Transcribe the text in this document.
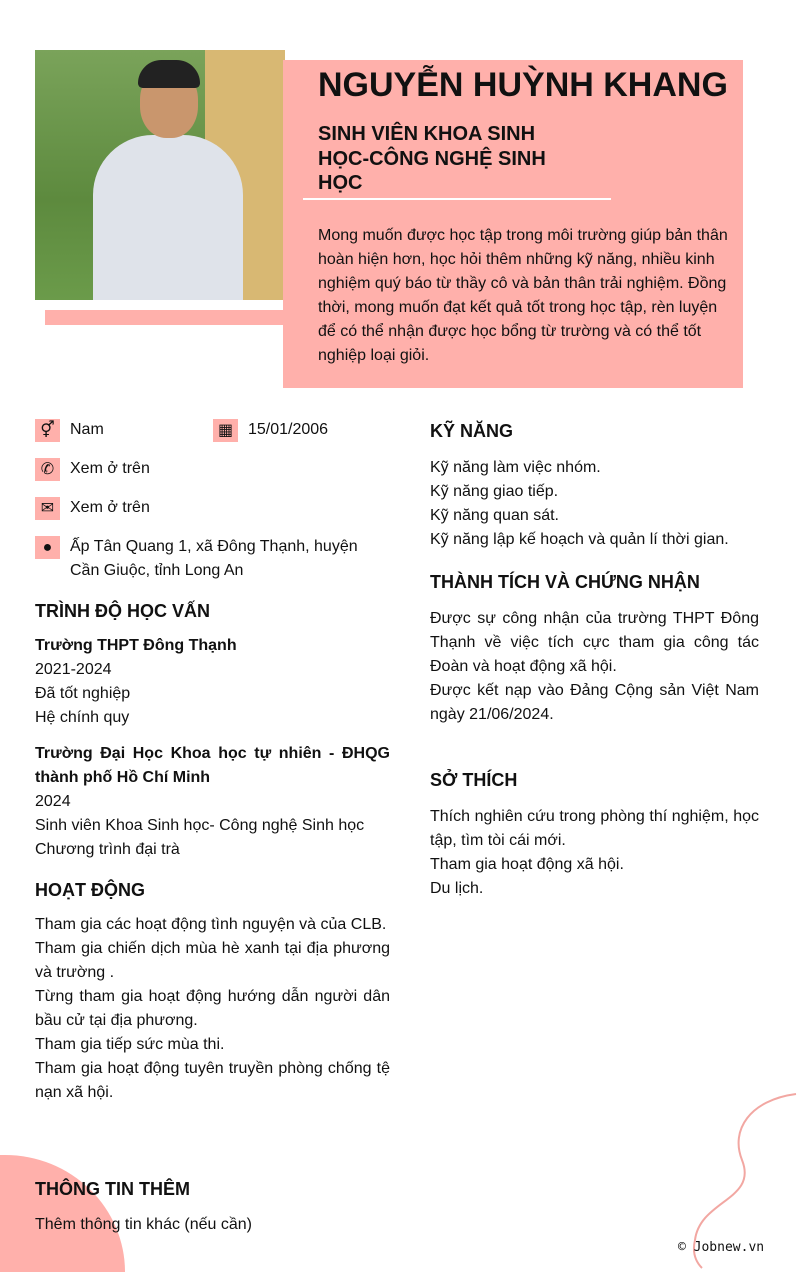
NGUYỄN HUỲNH KHANG
SINH VIÊN KHOA SINH HỌC-CÔNG NGHỆ SINH HỌC
Mong muốn được học tập trong môi trường giúp bản thân hoàn hiện hơn, học hỏi thêm những kỹ năng, nhiều kinh nghiệm quý báo từ thầy cô và bản thân trải nghiệm. Đồng thời, mong muốn đạt kết quả tốt trong học tập, rèn luyện để có thể nhận được học bổng từ trường và có thể tốt nghiệp loại giỏi.
⚥ Nam	▦ 15/01/2006
✆ Xem ở trên
✉ Xem ở trên
●	Ấp Tân Quang 1, xã Đông Thạnh, huyện Cần Giuộc, tỉnh Long An
TRÌNH ĐỘ HỌC VẤN
Trường THPT Đông Thạnh
2021-2024
Đã tốt nghiệp
Hệ chính quy
Trường Đại Học Khoa học tự nhiên - ĐHQG thành phố Hồ Chí Minh
2024
Sinh viên Khoa Sinh học- Công nghệ Sinh học
Chương trình đại trà
HOẠT ĐỘNG
Tham gia các hoạt động tình nguyện và của CLB.
Tham gia chiến dịch mùa hè xanh tại địa phương và trường .
Từng tham gia hoạt động hướng dẫn người dân bầu cử tại địa phương.
Tham gia tiếp sức mùa thi.
Tham gia hoạt động tuyên truyền phòng chống tệ nạn xã hội.
THÔNG TIN THÊM
Thêm thông tin khác (nếu cần)
KỸ NĂNG
Kỹ năng làm việc nhóm.
Kỹ năng giao tiếp.
Kỹ năng quan sát.
Kỹ năng lập kế hoạch và quản lí thời gian.
THÀNH TÍCH VÀ CHỨNG NHẬN
Được sự công nhận của trường THPT Đông Thạnh về việc tích cực tham gia công tác Đoàn và hoạt động xã hội.
Được kết nạp vào Đảng Cộng sản Việt Nam ngày 21/06/2024.
SỞ THÍCH
Thích nghiên cứu trong phòng thí nghiệm, học tập, tìm tòi cái mới.
Tham gia hoạt động xã hội.
Du lịch.
© Jobnew.vn
